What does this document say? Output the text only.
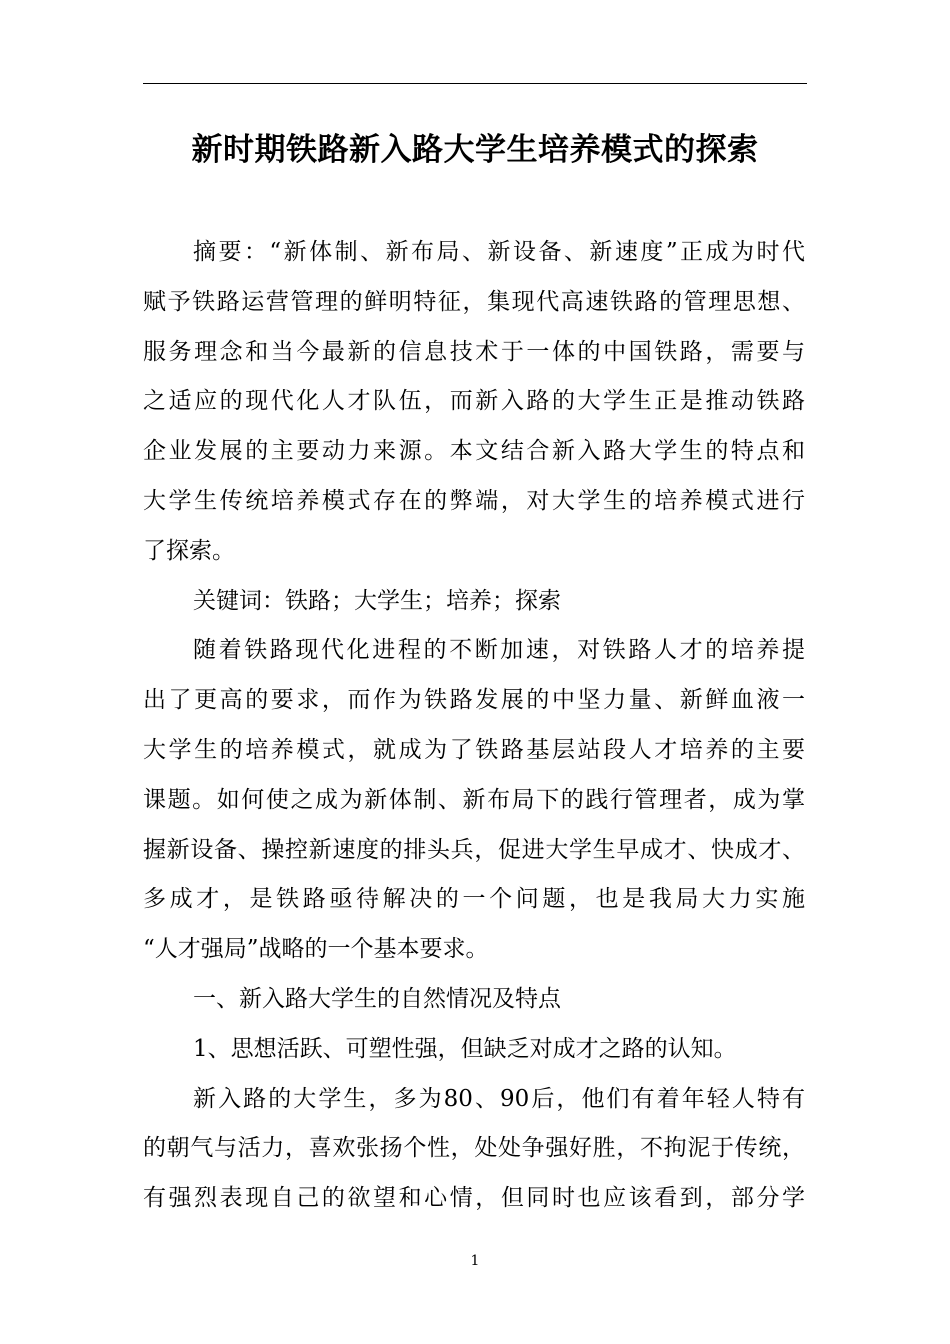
新时期铁路新入路大学生培养模式的探索
摘要：“新体制、新布局、新设备、新速度”正成为时代
赋予铁路运营管理的鲜明特征，集现代高速铁路的管理思想、
服务理念和当今最新的信息技术于一体的中国铁路，需要与
之适应的现代化人才队伍，而新入路的大学生正是推动铁路
企业发展的主要动力来源。本文结合新入路大学生的特点和
大学生传统培养模式存在的弊端，对大学生的培养模式进行
了探索。
关键词：铁路；大学生；培养；探索
随着铁路现代化进程的不断加速，对铁路人才的培养提
出了更高的要求，而作为铁路发展的中坚力量、新鲜血液一
大学生的培养模式，就成为了铁路基层站段人才培养的主要
课题。如何使之成为新体制、新布局下的践行管理者，成为掌
握新设备、操控新速度的排头兵，促进大学生早成才、快成才、
多成才，是铁路亟待解决的一个问题，也是我局大力实施
“人才强局”战略的一个基本要求。
一、新入路大学生的自然情况及特点
1、思想活跃、可塑性强，但缺乏对成才之路的认知。
新入路的大学生，多为80、90后，他们有着年轻人特有
的朝气与活力，喜欢张扬个性，处处争强好胜，不拘泥于传统，
有强烈表现自己的欲望和心情，但同时也应该看到，部分学
1
